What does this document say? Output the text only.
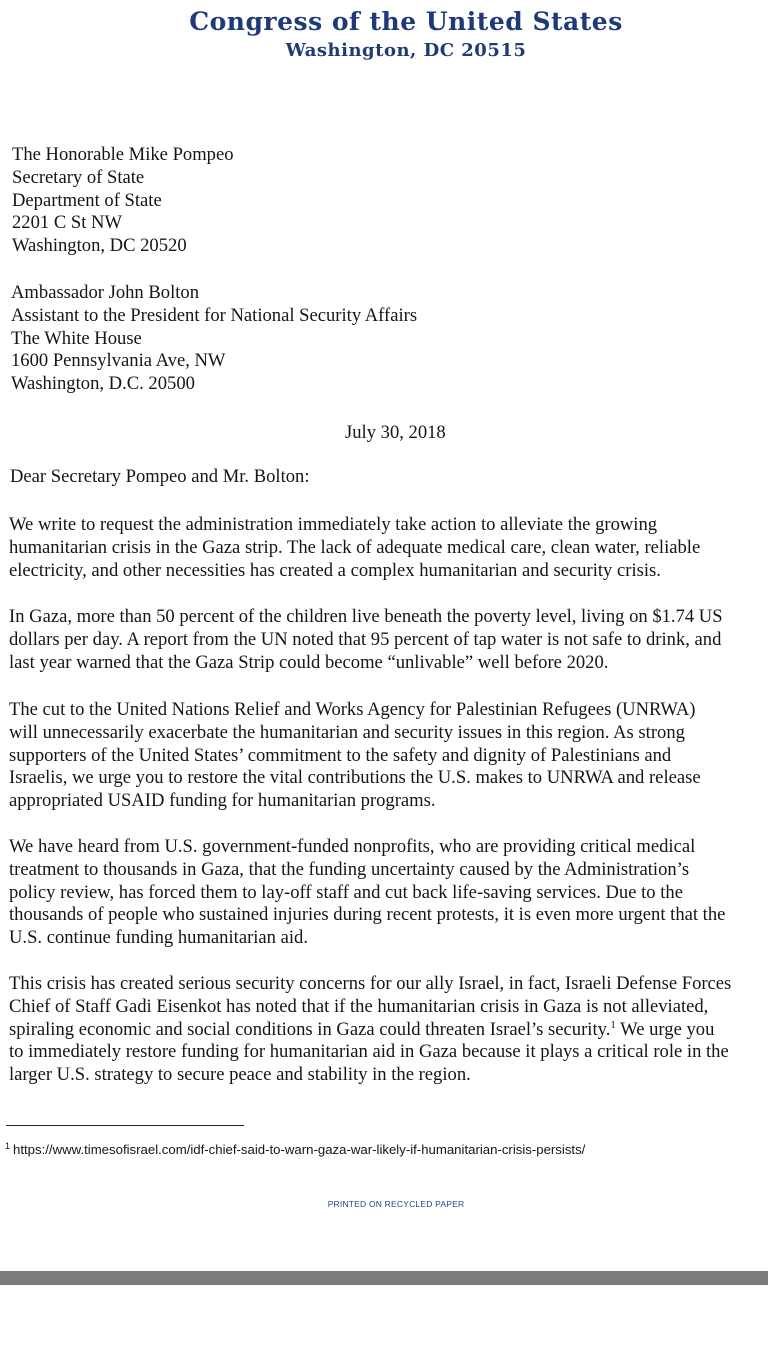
Congress of the United States
Washington, DC 20515
The Honorable Mike Pompeo
Secretary of State
Department of State
2201 C St NW
Washington, DC 20520
Ambassador John Bolton
Assistant to the President for National Security Affairs
The White House
1600 Pennsylvania Ave, NW
Washington, D.C. 20500
July 30, 2018
Dear Secretary Pompeo and Mr. Bolton:
We write to request the administration immediately take action to alleviate the growing
humanitarian crisis in the Gaza strip. The lack of adequate medical care, clean water, reliable
electricity, and other necessities has created a complex humanitarian and security crisis.
In Gaza, more than 50 percent of the children live beneath the poverty level, living on $1.74 US
dollars per day. A report from the UN noted that 95 percent of tap water is not safe to drink, and
last year warned that the Gaza Strip could become “unlivable” well before 2020.
The cut to the United Nations Relief and Works Agency for Palestinian Refugees (UNRWA)
will unnecessarily exacerbate the humanitarian and security issues in this region. As strong
supporters of the United States’ commitment to the safety and dignity of Palestinians and
Israelis, we urge you to restore the vital contributions the U.S. makes to UNRWA and release
appropriated USAID funding for humanitarian programs.
We have heard from U.S. government-funded nonprofits, who are providing critical medical
treatment to thousands in Gaza, that the funding uncertainty caused by the Administration’s
policy review, has forced them to lay-off staff and cut back life-saving services. Due to the
thousands of people who sustained injuries during recent protests, it is even more urgent that the
U.S. continue funding humanitarian aid.
This crisis has created serious security concerns for our ally Israel, in fact, Israeli Defense Forces
Chief of Staff Gadi Eisenkot has noted that if the humanitarian crisis in Gaza is not alleviated,
spiraling economic and social conditions in Gaza could threaten Israel’s security.$^1$ We urge you
to immediately restore funding for humanitarian aid in Gaza because it plays a critical role in the
larger U.S. strategy to secure peace and stability in the region.
$^1$ https://www.timesofisrael.com/idf-chief-said-to-warn-gaza-war-likely-if-humanitarian-crisis-persists/
PRINTED ON RECYCLED PAPER
